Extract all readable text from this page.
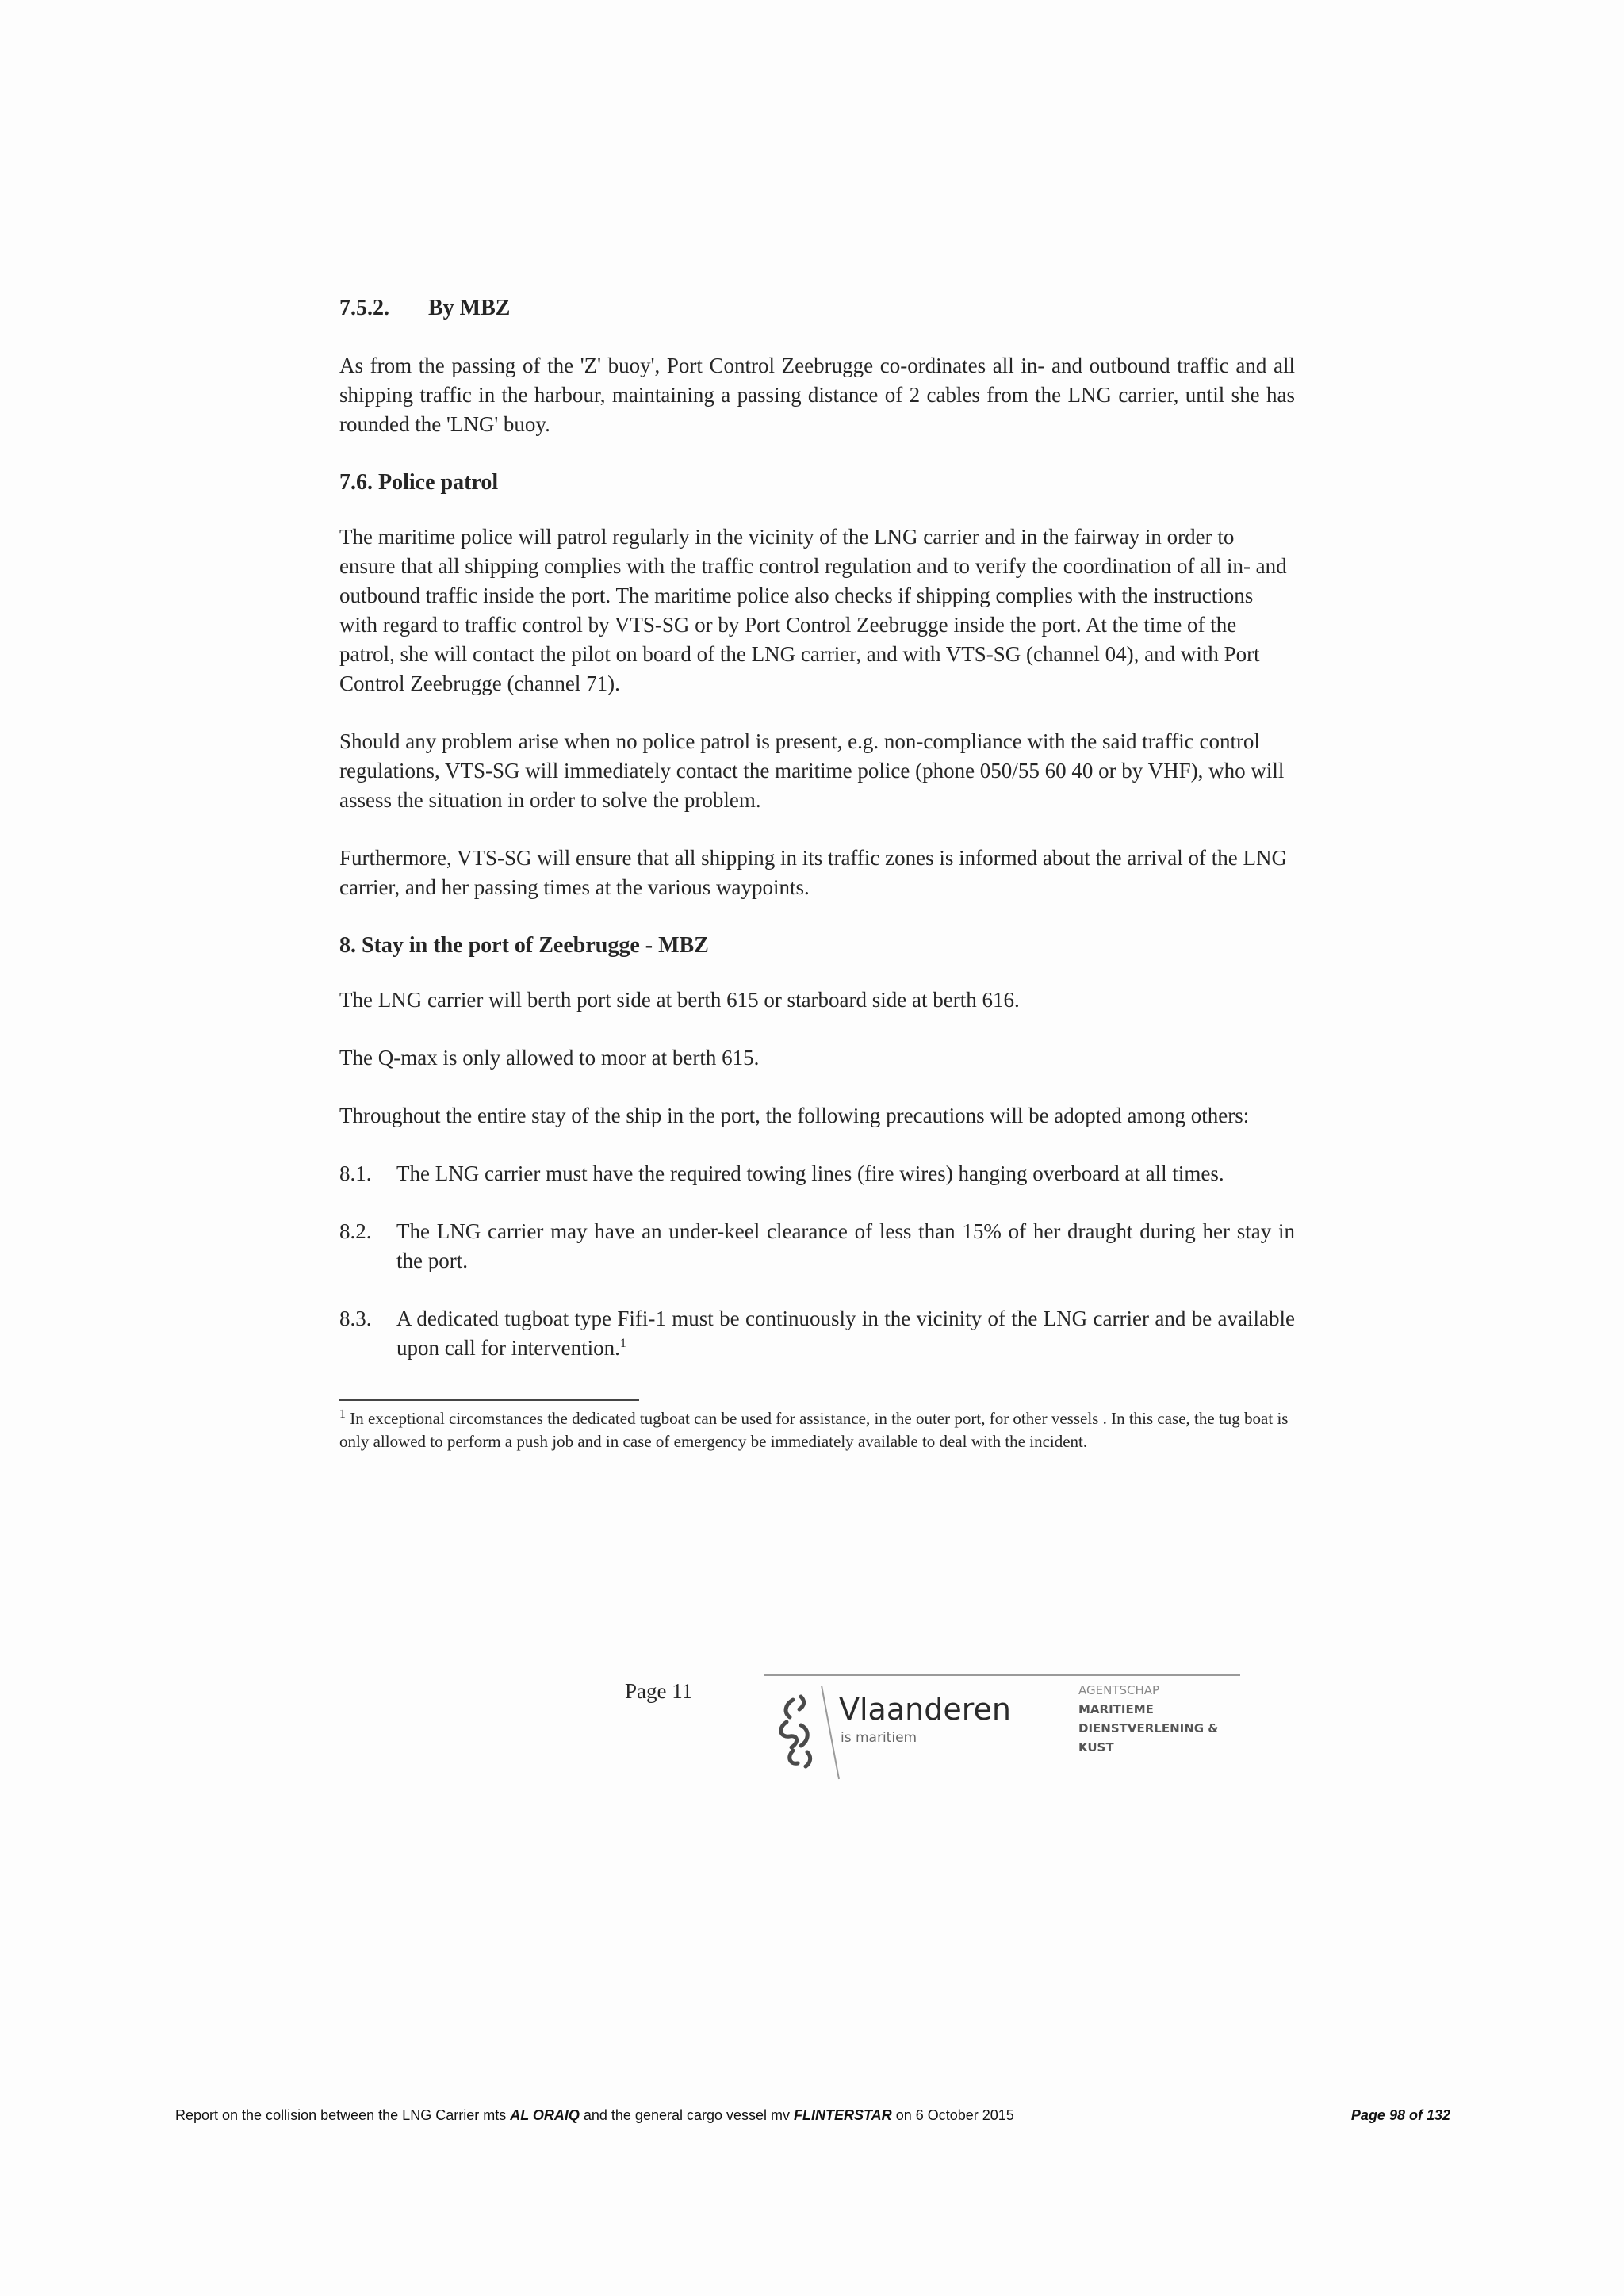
7.5.2. By MBZ

As from the passing of the 'Z' buoy', Port Control Zeebrugge co-ordinates all in- and outbound traffic and all shipping traffic in the harbour, maintaining a passing distance of 2 cables from the LNG carrier, until she has rounded the 'LNG' buoy.

7.6. Police patrol

The maritime police will patrol regularly in the vicinity of the LNG carrier and in the fairway in order to ensure that all shipping complies with the traffic control regulation and to verify the coordination of all in- and outbound traffic inside the port. The maritime police also checks if shipping complies with the instructions with regard to traffic control by VTS-SG or by Port Control Zeebrugge inside the port. At the time of the patrol, she will contact the pilot on board of the LNG carrier, and with VTS-SG (channel 04), and with Port Control Zeebrugge (channel 71).

Should any problem arise when no police patrol is present, e.g. non-compliance with the said traffic control regulations, VTS-SG will immediately contact the maritime police (phone 050/55 60 40 or by VHF), who will assess the situation in order to solve the problem.

Furthermore, VTS-SG will ensure that all shipping in its traffic zones is informed about the arrival of the LNG carrier, and her passing times at the various waypoints.

8. Stay in the port of Zeebrugge - MBZ

The LNG carrier will berth port side at berth 615 or starboard side at berth 616.

The Q-max is only allowed to moor at berth 615.

Throughout the entire stay of the ship in the port, the following precautions will be adopted among others:

8.1. The LNG carrier must have the required towing lines (fire wires) hanging overboard at all times.
8.2. The LNG carrier may have an under-keel clearance of less than 15% of her draught during her stay in the port.
8.3. A dedicated tugboat type Fifi-1 must be continuously in the vicinity of the LNG carrier and be available upon call for intervention.$^1$
$^1$ In exceptional circomstances the dedicated tugboat can be used for assistance, in the outer port, for other vessels . In this case, the tug boat is only allowed to perform a push job and in case of emergency be immediately available to deal with the incident.
Page 11
Vlaanderen
is maritiem
AGENTSCHAP
MARITIEME
DIENSTVERLENING &
KUST
Report on the collision between the LNG Carrier mts AL ORAIQ and the general cargo vessel mv FLINTERSTAR on 6 October 2015	Page 98 of 132
